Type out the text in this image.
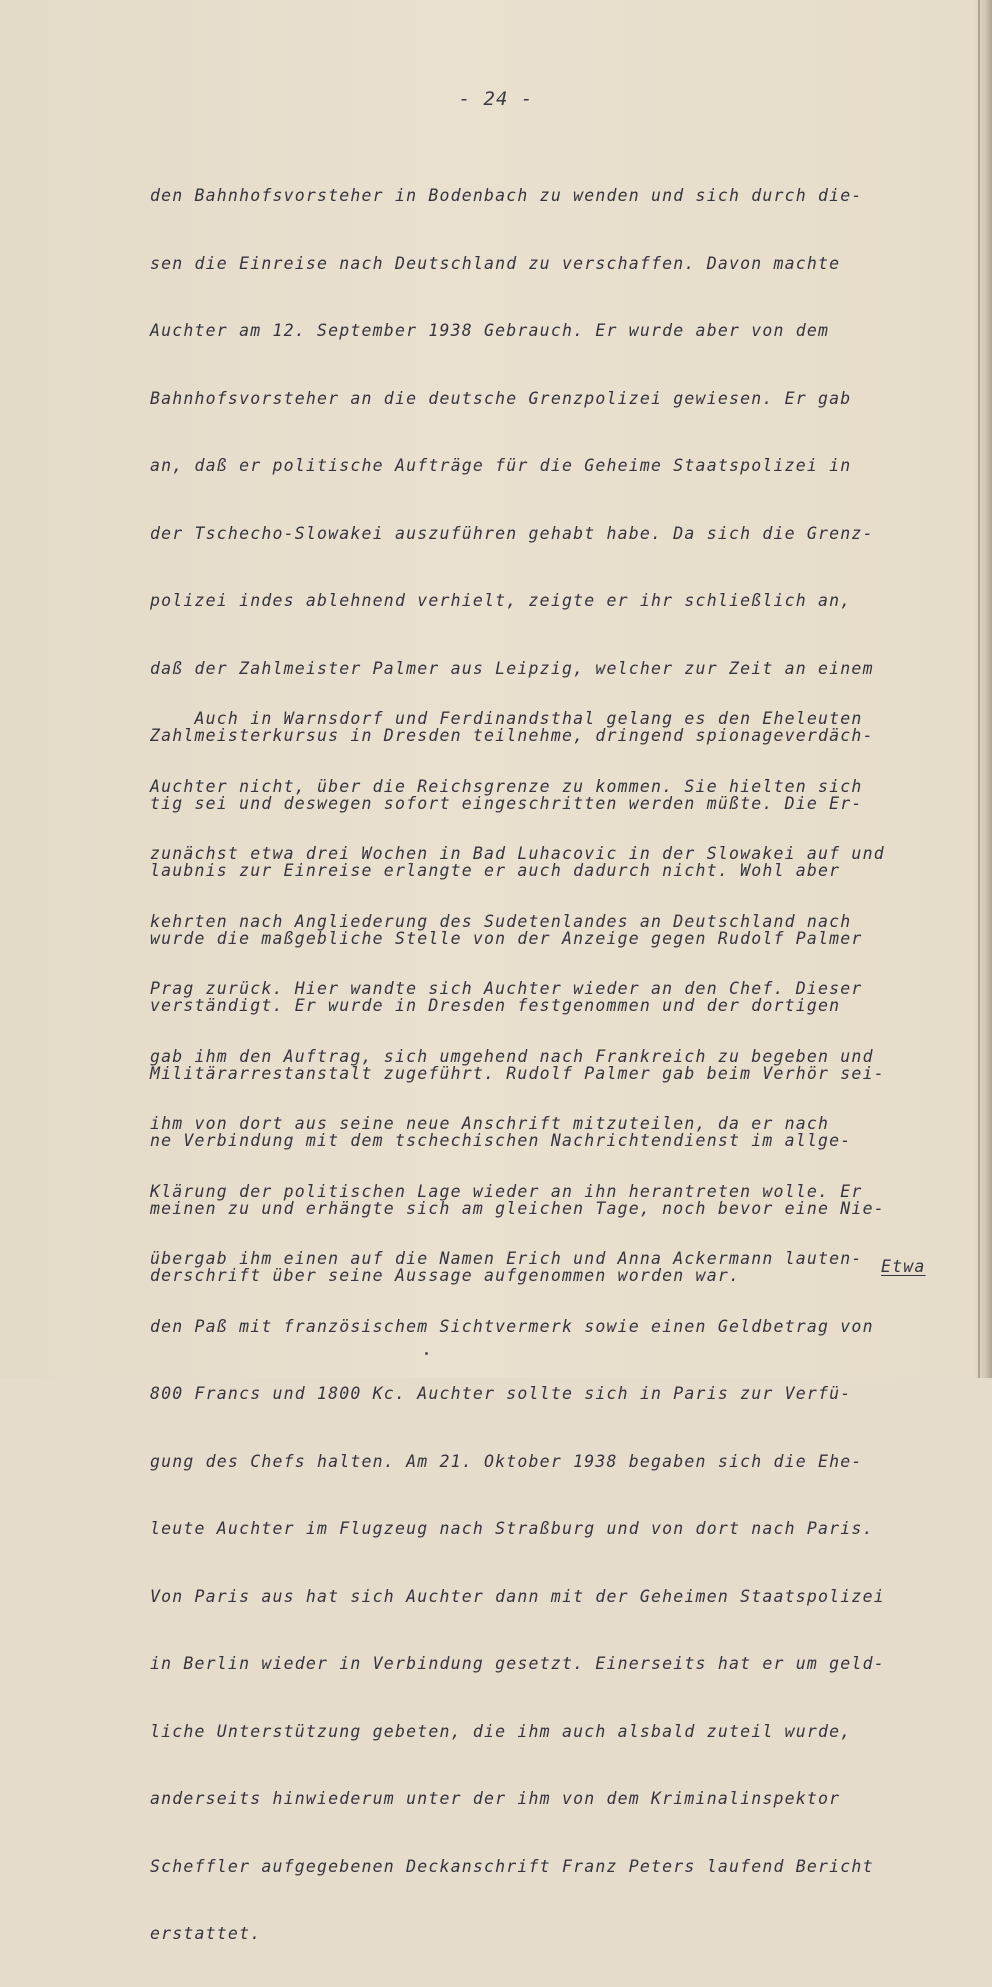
- 24 -

den Bahnhofsvorsteher in Bodenbach zu wenden und sich durch die-

sen die Einreise nach Deutschland zu verschaffen. Davon machte

Auchter am 12. September 1938 Gebrauch. Er wurde aber von dem

Bahnhofsvorsteher an die deutsche Grenzpolizei gewiesen. Er gab

an, daß er politische Aufträge für die Geheime Staatspolizei in

der Tschecho-Slowakei auszuführen gehabt habe. Da sich die Grenz-

polizei indes ablehnend verhielt, zeigte er ihr schließlich an,

daß der Zahlmeister Palmer aus Leipzig, welcher zur Zeit an einem

Zahlmeisterkursus in Dresden teilnehme, dringend spionageverdäch-

tig sei und deswegen sofort eingeschritten werden müßte. Die Er-

laubnis zur Einreise erlangte er auch dadurch nicht. Wohl aber

wurde die maßgebliche Stelle von der Anzeige gegen Rudolf Palmer

verständigt. Er wurde in Dresden festgenommen und der dortigen

Militärarrestanstalt zugeführt. Rudolf Palmer gab beim Verhör sei-

ne Verbindung mit dem tschechischen Nachrichtendienst im allge-

meinen zu und erhängte sich am gleichen Tage, noch bevor eine Nie-

derschrift über seine Aussage aufgenommen worden war.

Auch in Warnsdorf und Ferdinandsthal gelang es den Eheleuten

Auchter nicht, über die Reichsgrenze zu kommen. Sie hielten sich

zunächst etwa drei Wochen in Bad Luhacovic in der Slowakei auf und

kehrten nach Angliederung des Sudetenlandes an Deutschland nach

Prag zurück. Hier wandte sich Auchter wieder an den Chef. Dieser

gab ihm den Auftrag, sich umgehend nach Frankreich zu begeben und

ihm von dort aus seine neue Anschrift mitzuteilen, da er nach

Klärung der politischen Lage wieder an ihn herantreten wolle. Er

übergab ihm einen auf die Namen Erich und Anna Ackermann lauten-

den Paß mit französischem Sichtvermerk sowie einen Geldbetrag von

800 Francs und 1800 Kc. Auchter sollte sich in Paris zur Verfü-

gung des Chefs halten. Am 21. Oktober 1938 begaben sich die Ehe-

leute Auchter im Flugzeug nach Straßburg und von dort nach Paris.

Von Paris aus hat sich Auchter dann mit der Geheimen Staatspolizei

in Berlin wieder in Verbindung gesetzt. Einerseits hat er um geld-

liche Unterstützung gebeten, die ihm auch alsbald zuteil wurde,

anderseits hinwiederum unter der ihm von dem Kriminalinspektor

Scheffler aufgegebenen Deckanschrift Franz Peters laufend Bericht

erstattet.

Etwa
